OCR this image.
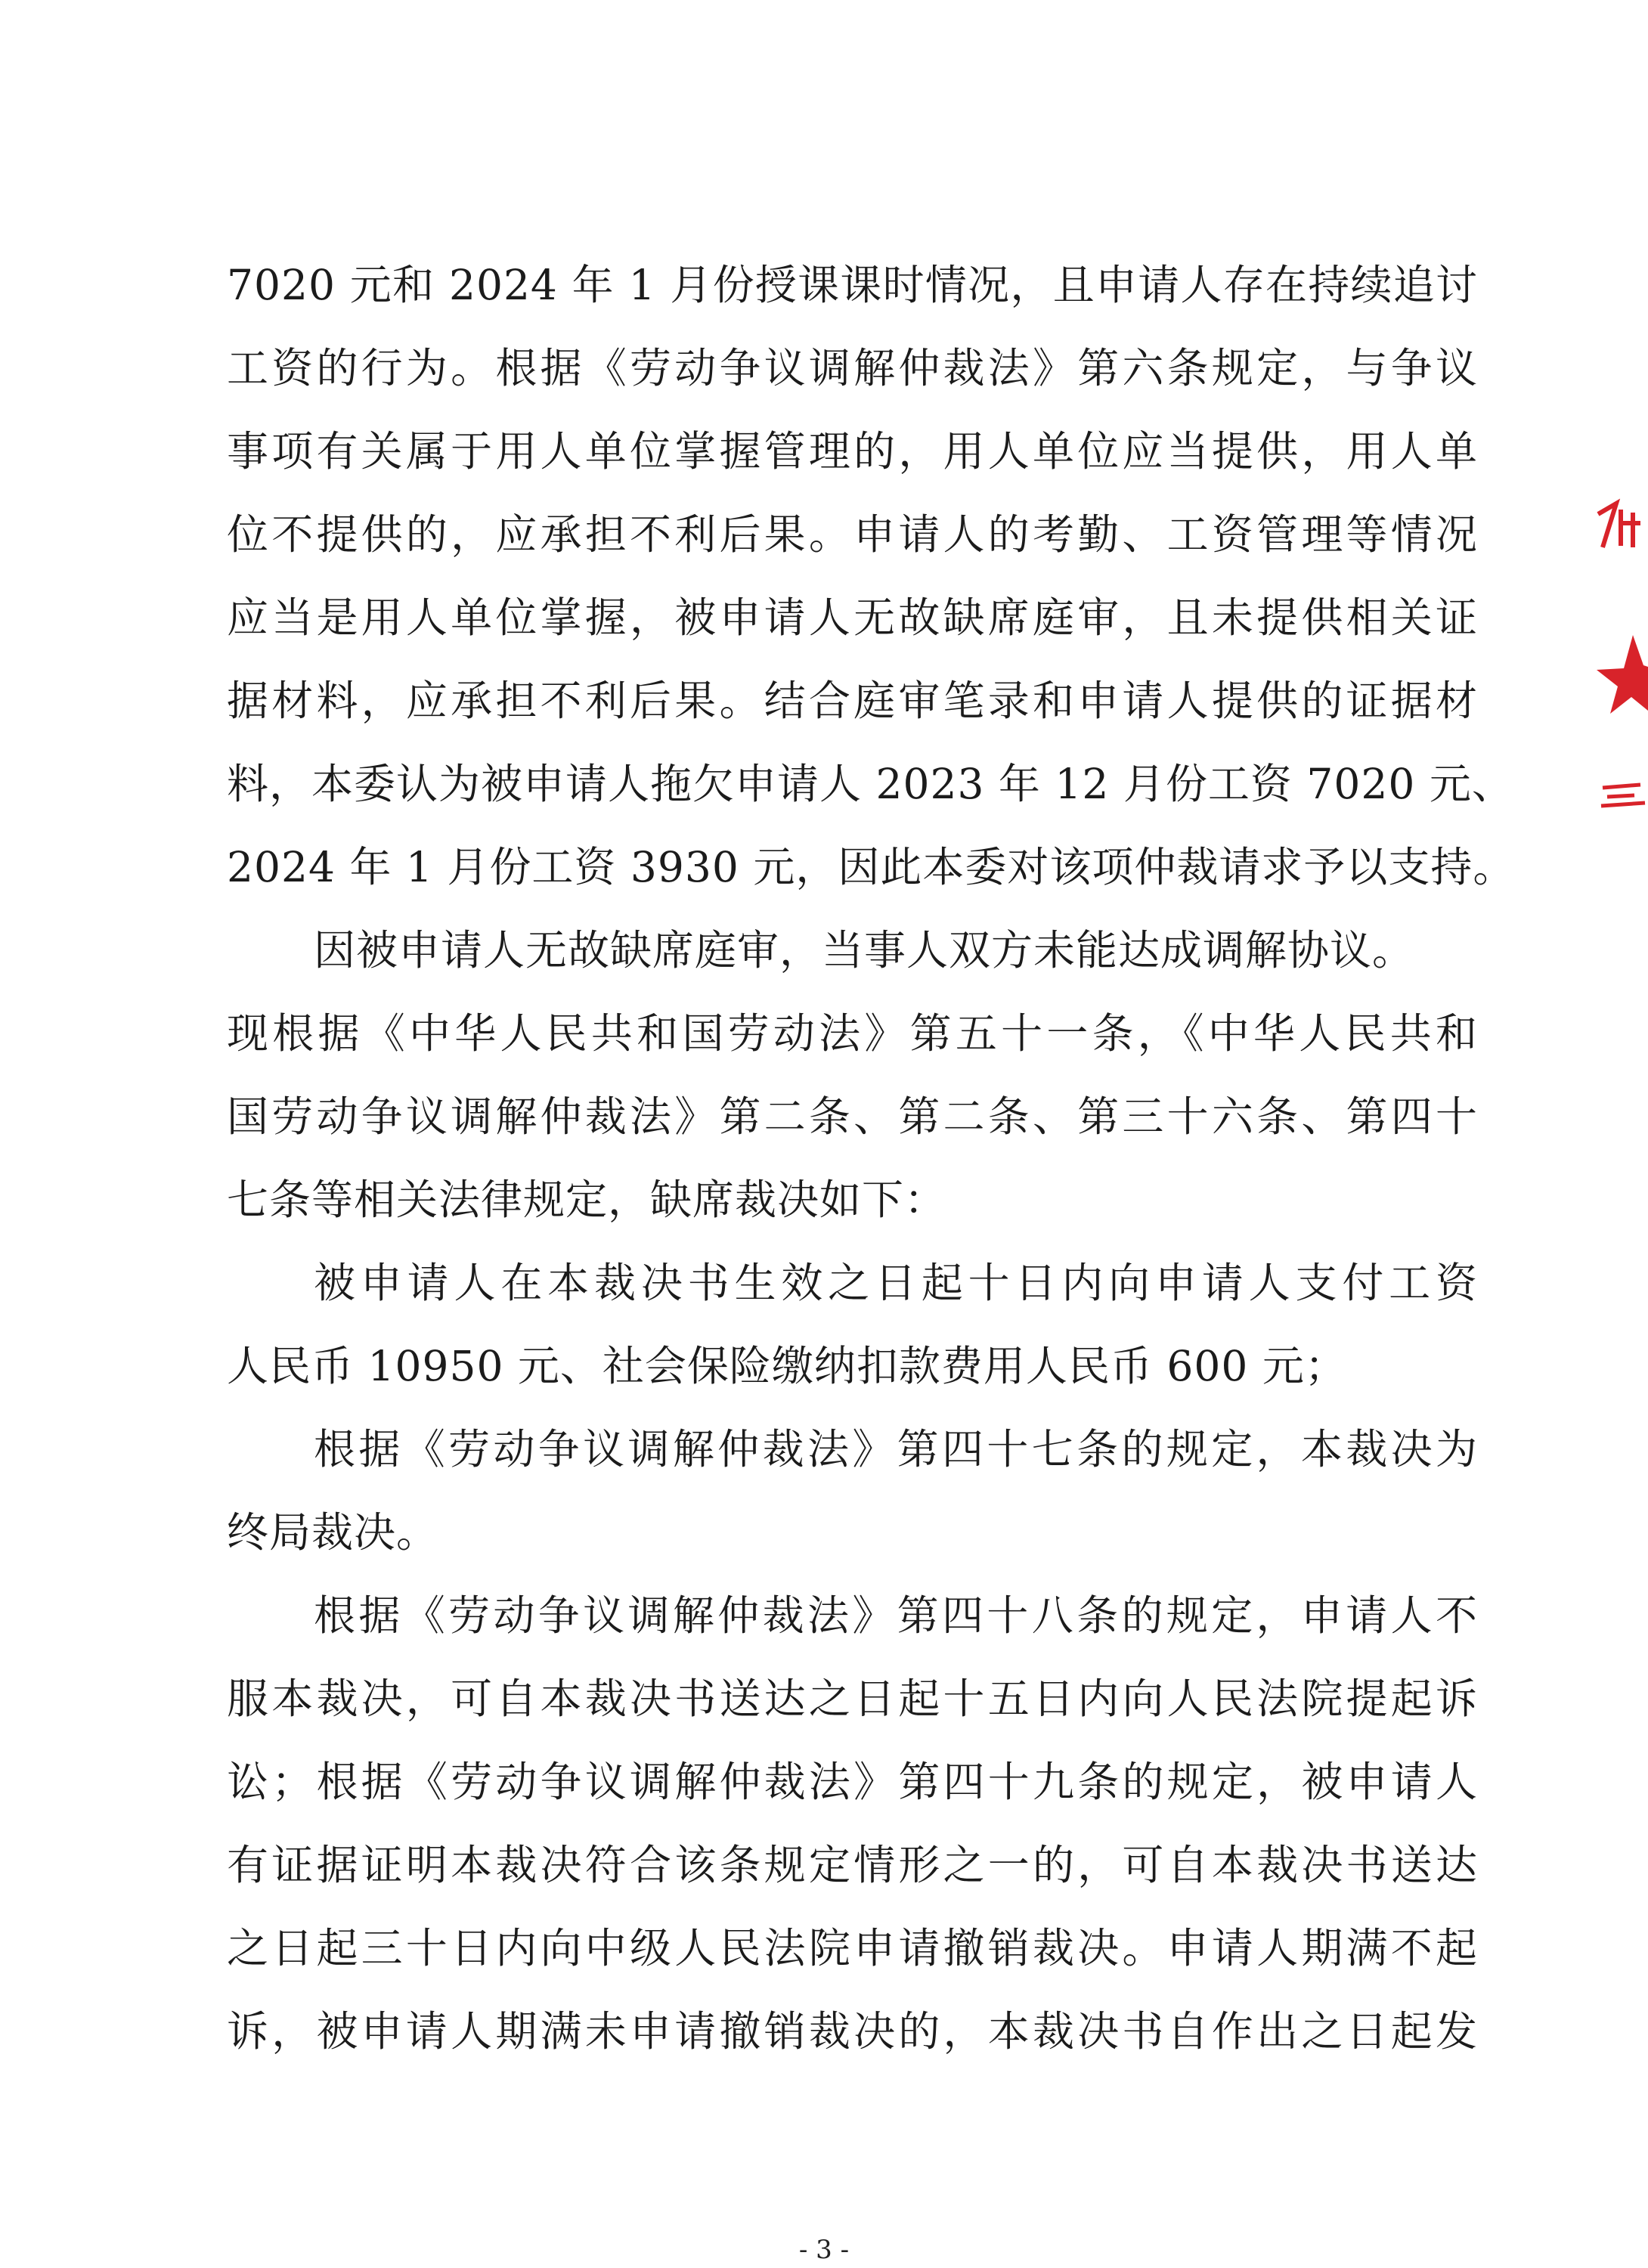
7020 元和 2024 年 1 月份授课课时情况，且申请人存在持续追讨
工资的行为。根据《劳动争议调解仲裁法》第六条规定，与争议
事项有关属于用人单位掌握管理的，用人单位应当提供，用人单
位不提供的，应承担不利后果。申请人的考勤、工资管理等情况
应当是用人单位掌握，被申请人无故缺席庭审，且未提供相关证
据材料，应承担不利后果。结合庭审笔录和申请人提供的证据材
料，本委认为被申请人拖欠申请人 2023 年 12 月份工资 7020 元、
2024 年 1 月份工资 3930 元，因此本委对该项仲裁请求予以支持。
因被申请人无故缺席庭审，当事人双方未能达成调解协议。
现根据《中华人民共和国劳动法》第五十一条，《中华人民共和
国劳动争议调解仲裁法》第二条、第二条、第三十六条、第四十
七条等相关法律规定，缺席裁决如下：
被申请人在本裁决书生效之日起十日内向申请人支付工资
人民币 10950 元、社会保险缴纳扣款费用人民币 600 元；
根据《劳动争议调解仲裁法》第四十七条的规定，本裁决为
终局裁决。
根据《劳动争议调解仲裁法》第四十八条的规定，申请人不
服本裁决，可自本裁决书送达之日起十五日内向人民法院提起诉
讼；根据《劳动争议调解仲裁法》第四十九条的规定，被申请人
有证据证明本裁决符合该条规定情形之一的，可自本裁决书送达
之日起三十日内向中级人民法院申请撤销裁决。申请人期满不起
诉，被申请人期满未申请撤销裁决的，本裁决书自作出之日起发
- 3 -
